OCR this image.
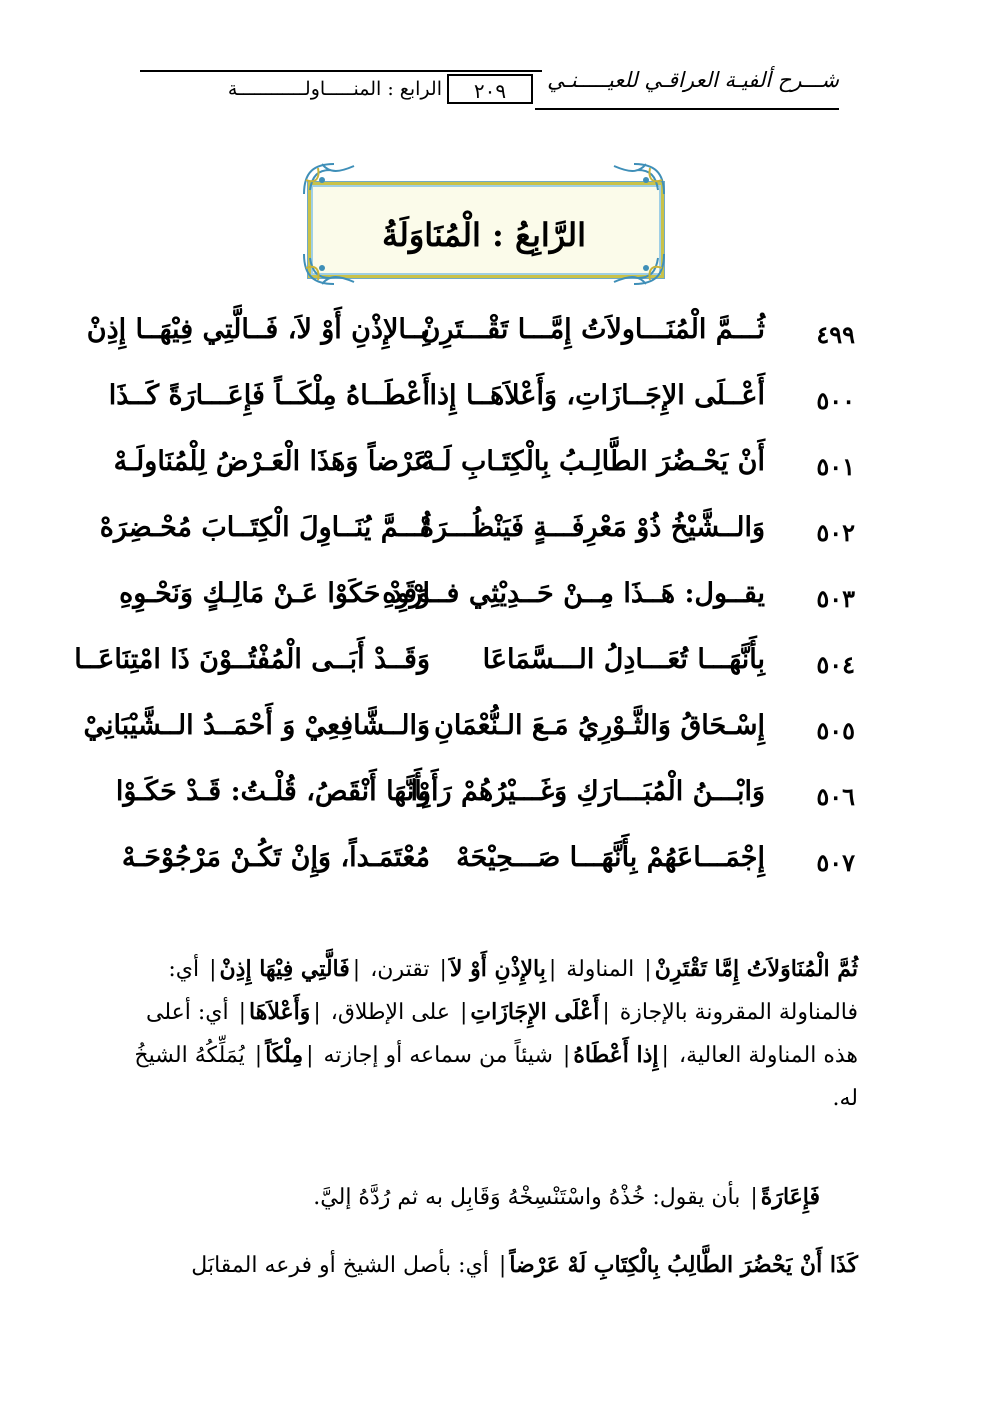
شـــرح ألفيـة العراقـي للعيـــــنـي
٢٠٩
الرابع : المنـــــاولــــــــــــة
الرَّابِعُ : الْمُنَاوَلَةُ
٤٩٩
ثُـــمَّ الْمُنَـــاولاَتُ إِمَّـــا تَقْـــتَرِنْ
بِــالإِذْنِ أَوْ لاَ، فَــالَّتِي فِيْهَــا إِذِنْ
٥٠٠
أَعْــلَى الإِجَــازَاتِ، وَأَعْلاَهَــا إِذا
أَعْطَــاهُ مِلْكَــاً فَإِعَـــارَةً كَــذَا
٥٠١
أَنْ يَحْـضُرَ الطَّالِـبُ بِالْكِتَـابِ لَـهْ
عَرْضاً وَهَذَا الْعَـرْضُ لِلْمُنَاولَـهْ
٥٠٢
وَالــشَّيْخُ ذُوْ مَعْرِفَـــةٍ فَيَنْظُـــرَهْ
ثُـــمَّ يُنَــاوِلَ الْكِتَــابَ مُحْـضِرَهْ
٥٠٣
يقــول: هَــذَا مِــنْ حَــدِيْثِي فــارْوِهِ
وَقَدْ حَكَوْا عَـنْ مَالِـكٍ وَنَحْـوِهِ
٥٠٤
بِأَنَّهَـــا تُعَـــادِلُ الـــسَّمَاعَا
وَقَــدْ أَبَــى الْمُفْتُــوْنَ ذَا امْتِنَاعَــا
٥٠٥
إِسْـحَاقُ وَالثَّـوْرِيُ مَـعَ الـنُّعْمَانِ
وَالــشَّافِعِيْ وَ أَحْمَــدُ الــشَّيْبَانِيْ
٥٠٦
وَابْـــنُ الْمُبَـــارَكِ وَغَـــيْرُهُمْ رَأَوْا
بِأَنَّهَا أَنْقَصُ، قُلْـتُ: قَـدْ حَكَـوْا
٥٠٧
إِجْمَـــاعَهُمْ بِأَنَّهَـــا صَـــحِيْحَهْ
مُعْتَمَـداً، وَإِنْ تَكُـنْ مَرْجُوْحَـهْ
ثُمَّ الْمُنَاوَلاَتُ إِمَّا تَقْتَرِنْ| المناولة |بِالإِذْنِ أَوْ لاَ| تقترن، |فَالَّتِي فِيْهَا إِذِنْ| أي: فالمناولة المقرونة بالإجازة |أَعْلَى الإِجَازَاتِ| على الإطلاق، |وَأَعْلاَهَا| أي: أعلى هذه المناولة العالية، |إِذا أَعْطَاهُ| شيئاً من سماعه أو إجازته |مِلْكَاً| يُمَلِّكُهُ الشيخُ له.
فَإِعَارَةً| بأن يقول: خُذْهُ واسْتَنْسِخْهُ وَقَابِل به ثم رُدَّهُ إليَّ.
كَذَا أَنْ يَحْضُرَ الطَّالِبُ بِالْكِتَابِ لَهْ عَرْضاً| أي: بأصل الشيخ أو فرعه المقابَل
